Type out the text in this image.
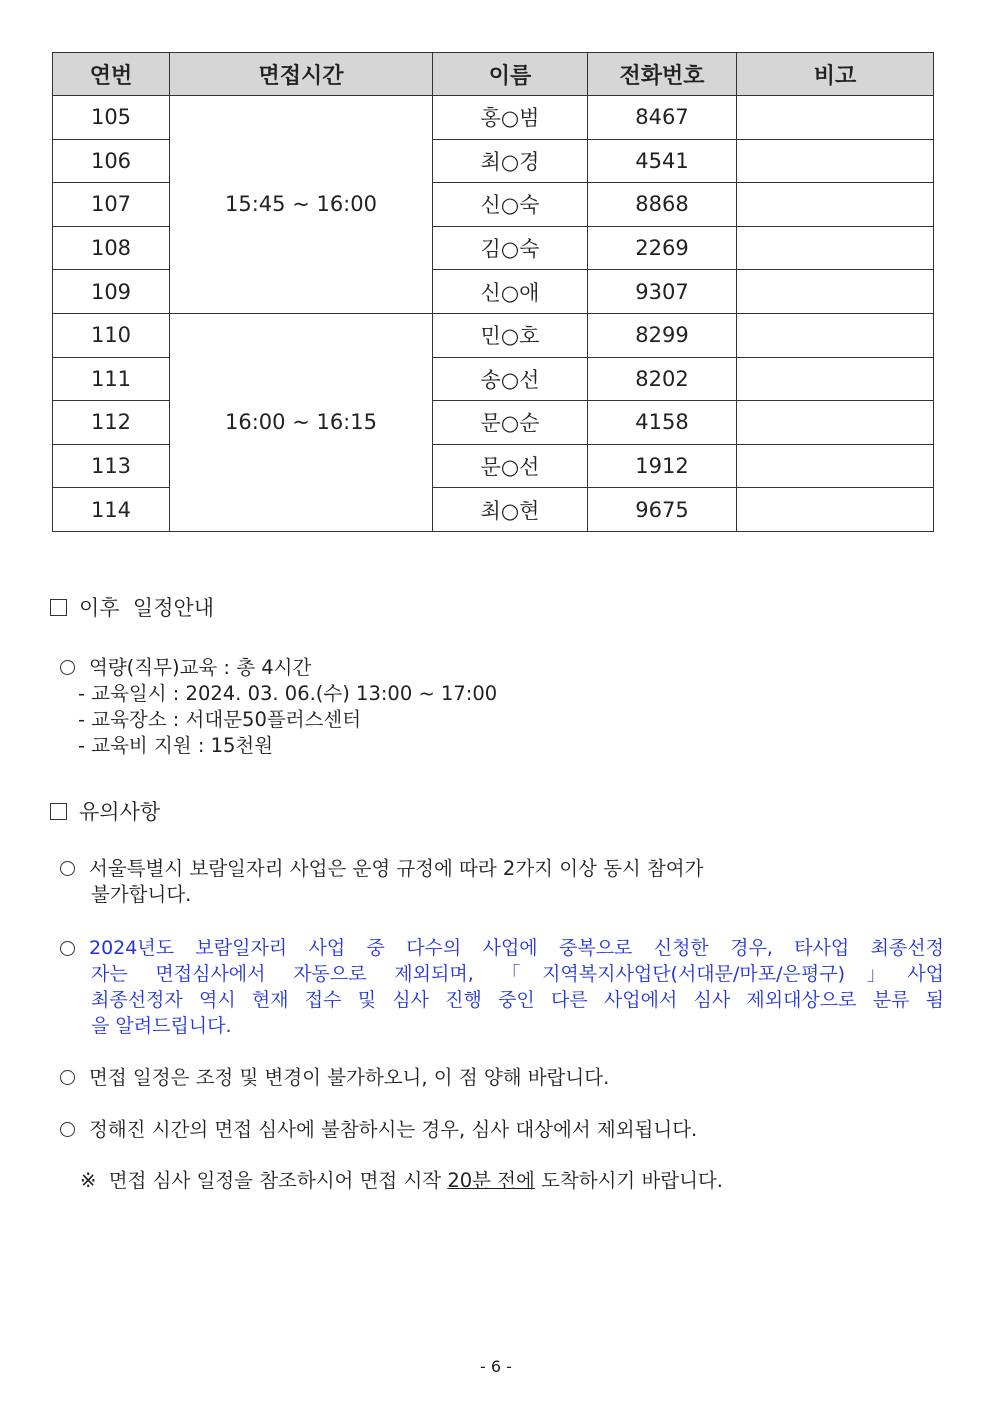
연번	면접시간	이름	전화번호	비고
105	15:45 ~ 16:00	홍○범	8467	
106		최○경	4541	
107		신○숙	8868	
108		김○숙	2269	
109		신○애	9307	
110	16:00 ~ 16:15	민○호	8299	
111		송○선	8202	
112		문○순	4158	
113		문○선	1912	
114		최○현	9675	
이후  일정안내
역량(직무)교육 : 총 4시간
- 교육일시 : 2024. 03. 06.(수) 13:00 ~ 17:00
- 교육장소 : 서대문50플러스센터
- 교육비 지원 : 15천원
유의사항
서울특별시 보람일자리 사업은 운영 규정에 따라 2가지 이상 동시 참여가
불가합니다.
2024년도 보람일자리 사업 중 다수의 사업에 중복으로 신청한 경우, 타사업 최종선정
자는 면접심사에서 자동으로 제외되며, 「지역복지사업단(서대문/마포/은평구)」사업
최종선정자 역시 현재 접수 및 심사 진행 중인 다른 사업에서 심사 제외대상으로 분류 됨
을 알려드립니다.
면접 일정은 조정 및 변경이 불가하오니, 이 점 양해 바랍니다.
정해진 시간의 면접 심사에 불참하시는 경우, 심사 대상에서 제외됩니다.
※  면접 심사 일정을 참조하시어 면접 시작 20분 전에 도착하시기 바랍니다.
- 6 -
